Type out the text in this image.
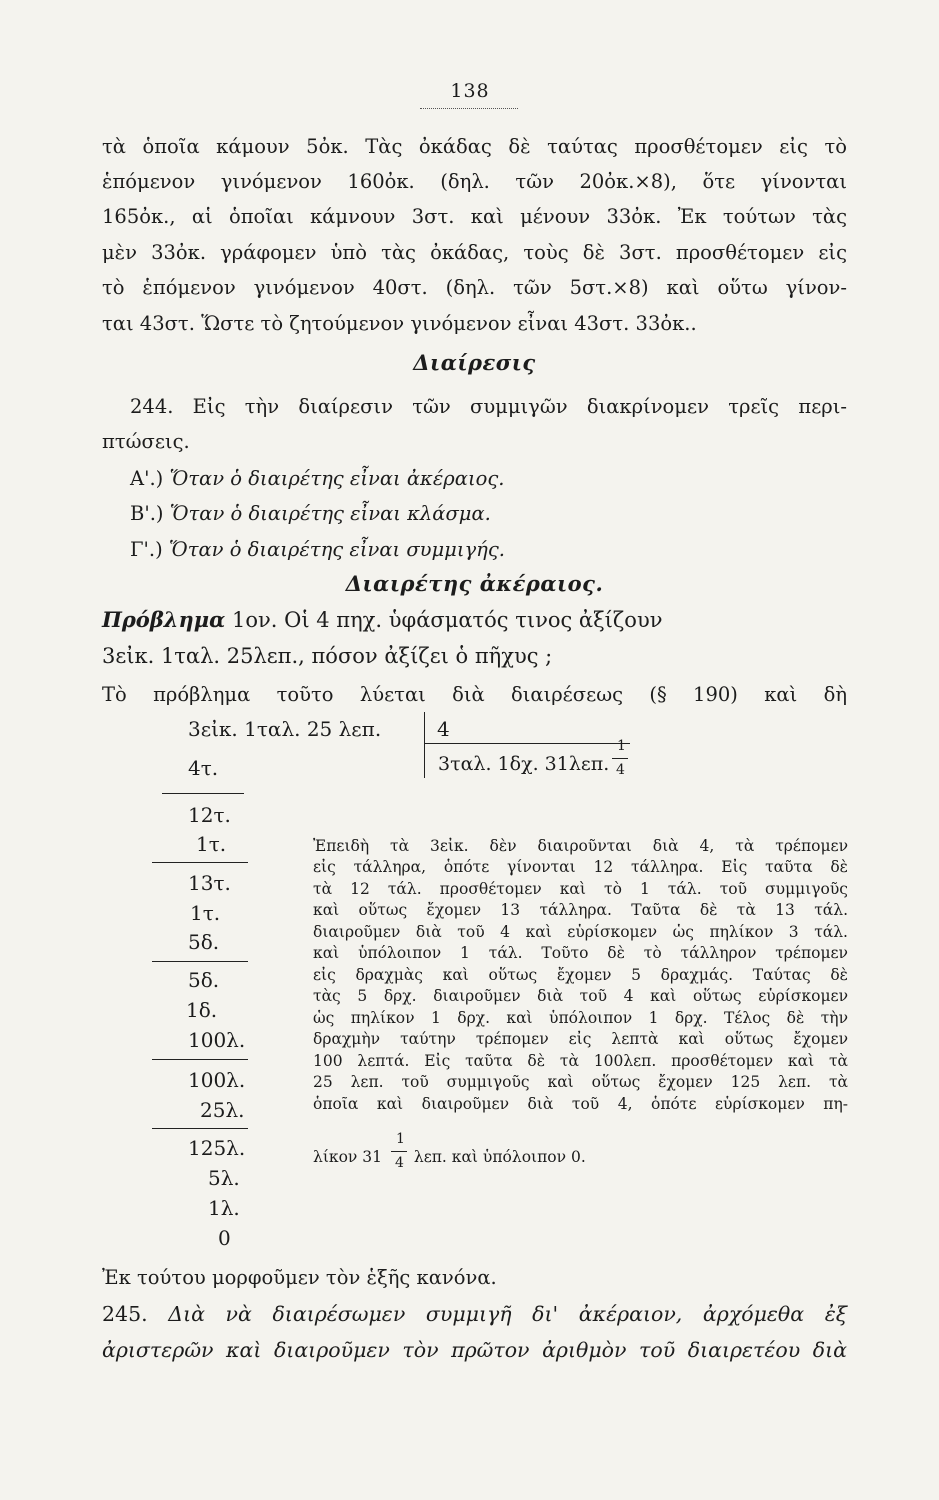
138
τὰ ὁποῖα κάμουν 5ὀκ. Τὰς ὀκάδας δὲ ταύτας προσθέτομεν εἰς τὸ
ἑπόμενον γινόμενον 160ὀκ. (δηλ. τῶν 20ὀκ.×8), ὅτε γίνονται
165ὀκ., αἱ ὁποῖαι κάμνουν 3στ. καὶ μένουν 33ὀκ. Ἐκ τούτων τὰς
μὲν 33ὀκ. γράφομεν ὑπὸ τὰς ὀκάδας, τοὺς δὲ 3στ. προσθέτομεν εἰς
τὸ ἑπόμενον γινόμενον 40στ. (δηλ. τῶν 5στ.×8) καὶ οὕτω γίνον-
ται 43στ. Ὥστε τὸ ζητούμενον γινόμενον εἶναι 43στ. 33ὀκ..
Διαίρεσις
244. Εἰς τὴν διαίρεσιν τῶν συμμιγῶν διακρίνομεν τρεῖς περι-
πτώσεις.
Α'.) Ὅταν ὁ διαιρέτης εἶναι ἀκέραιος.
Β'.) Ὅταν ὁ διαιρέτης εἶναι κλάσμα.
Γ'.) Ὅταν ὁ διαιρέτης εἶναι συμμιγής.
Διαιρέτης ἀκέραιος.
Πρόβλημα 1ον. Οἱ 4 πηχ. ὑφάσματός τινος ἀξίζουν
3εἰκ. 1ταλ. 25λεπ., πόσον ἀξίζει ὁ πῆχυς ;
Τὸ πρόβλημα τοῦτο λύεται διὰ διαιρέσεως (§ 190) καὶ δὴ
3εἰκ. 1ταλ. 25 λεπ.	4
3ταλ. 1δχ. 31λεπ.
1
4
4τ.
12τ.
1τ.
13τ.
1τ.
5δ.
5δ.
1δ.
100λ.
100λ.
25λ.
125λ.
5λ.
1λ.
0
Ἐπειδὴ τὰ 3εἰκ. δὲν διαιροῦνται διὰ 4, τὰ τρέπομεν
εἰς τάλληρα, ὁπότε γίνονται 12 τάλληρα. Εἰς ταῦτα δὲ
τὰ 12 τάλ. προσθέτομεν καὶ τὸ 1 τάλ. τοῦ συμμιγοῦς
καὶ οὕτως ἔχομεν 13 τάλληρα. Ταῦτα δὲ τὰ 13 τάλ.
διαιροῦμεν διὰ τοῦ 4 καὶ εὑρίσκομεν ὡς πηλίκον 3 τάλ.
καὶ ὑπόλοιπον 1 τάλ. Τοῦτο δὲ τὸ τάλληρον τρέπομεν
εἰς δραχμὰς καὶ οὕτως ἔχομεν 5 δραχμάς. Ταύτας δὲ
τὰς 5 δρχ. διαιροῦμεν διὰ τοῦ 4 καὶ οὕτως εὑρίσκομεν
ὡς πηλίκον 1 δρχ. καὶ ὑπόλοιπον 1 δρχ. Τέλος δὲ τὴν
δραχμὴν ταύτην τρέπομεν εἰς λεπτὰ καὶ οὕτως ἔχομεν
100 λεπτά. Εἰς ταῦτα δὲ τὰ 100λεπ. προσθέτομεν καὶ τὰ
25 λεπ. τοῦ συμμιγοῦς καὶ οὕτως ἔχομεν 125 λεπ. τὰ
ὁποῖα καὶ διαιροῦμεν διὰ τοῦ 4, ὁπότε εὑρίσκομεν πη-
λίκον 31 λεπ. καὶ ὑπόλοιπον 0.
1
4
Ἐκ τούτου μορφοῦμεν τὸν ἑξῆς κανόνα.
245. Διὰ νὰ διαιρέσωμεν συμμιγῆ δι' ἀκέραιον, ἀρχόμεθα ἐξ
ἀριστερῶν καὶ διαιροῦμεν τὸν πρῶτον ἀριθμὸν τοῦ διαιρετέου διὰ
